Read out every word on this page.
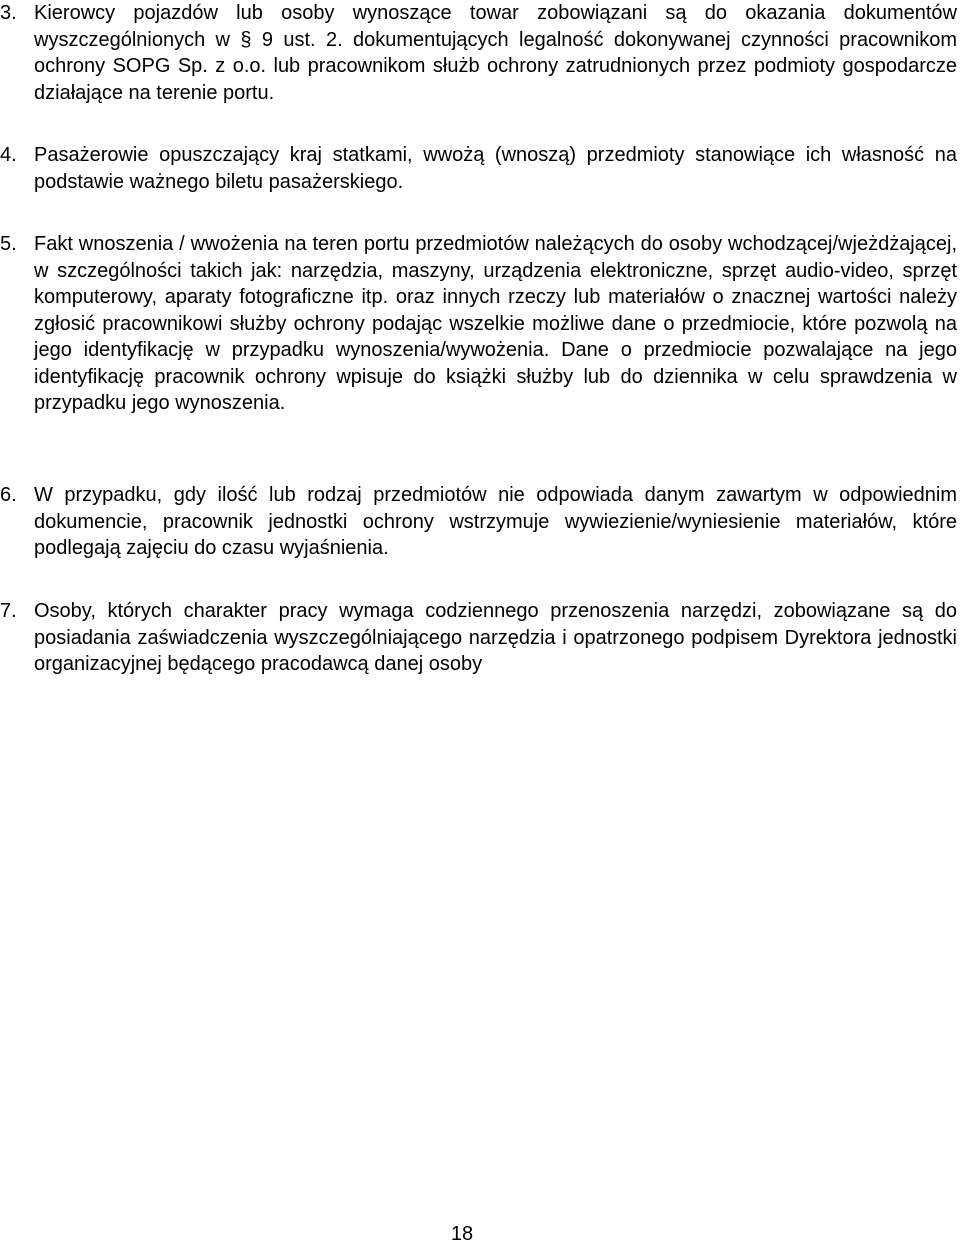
3. Kierowcy pojazdów lub osoby wynoszące towar zobowiązani są do okazania dokumentów wyszczególnionych w § 9 ust. 2. dokumentujących legalność dokonywanej czynności pracownikom ochrony SOPG Sp. z o.o. lub pracownikom służb ochrony zatrudnionych przez podmioty gospodarcze działające na terenie portu.
4. Pasażerowie opuszczający kraj statkami, wwożą (wnoszą) przedmioty stanowiące ich własność na podstawie ważnego biletu pasażerskiego.
5. Fakt wnoszenia / wwożenia na teren portu przedmiotów należących do osoby wchodzącej/wjeżdżającej, w szczególności takich jak: narzędzia, maszyny, urządzenia elektroniczne, sprzęt audio-video, sprzęt komputerowy, aparaty fotograficzne itp. oraz innych rzeczy lub materiałów o znacznej wartości należy zgłosić pracownikowi służby ochrony podając wszelkie możliwe dane o przedmiocie, które pozwolą na jego identyfikację w przypadku wynoszenia/wywożenia. Dane o przedmiocie pozwalające na jego identyfikację pracownik ochrony wpisuje do książki służby lub do dziennika w celu sprawdzenia w przypadku jego wynoszenia.
6. W przypadku, gdy ilość lub rodzaj przedmiotów nie odpowiada danym zawartym w odpowiednim dokumencie, pracownik jednostki ochrony wstrzymuje wywiezienie/wyniesienie materiałów, które podlegają zajęciu do czasu wyjaśnienia.
7. Osoby, których charakter pracy wymaga codziennego przenoszenia narzędzi, zobowiązane są do posiadania zaświadczenia wyszczególniającego narzędzia i opatrzonego podpisem Dyrektora jednostki organizacyjnej będącego pracodawcą danej osoby
18
